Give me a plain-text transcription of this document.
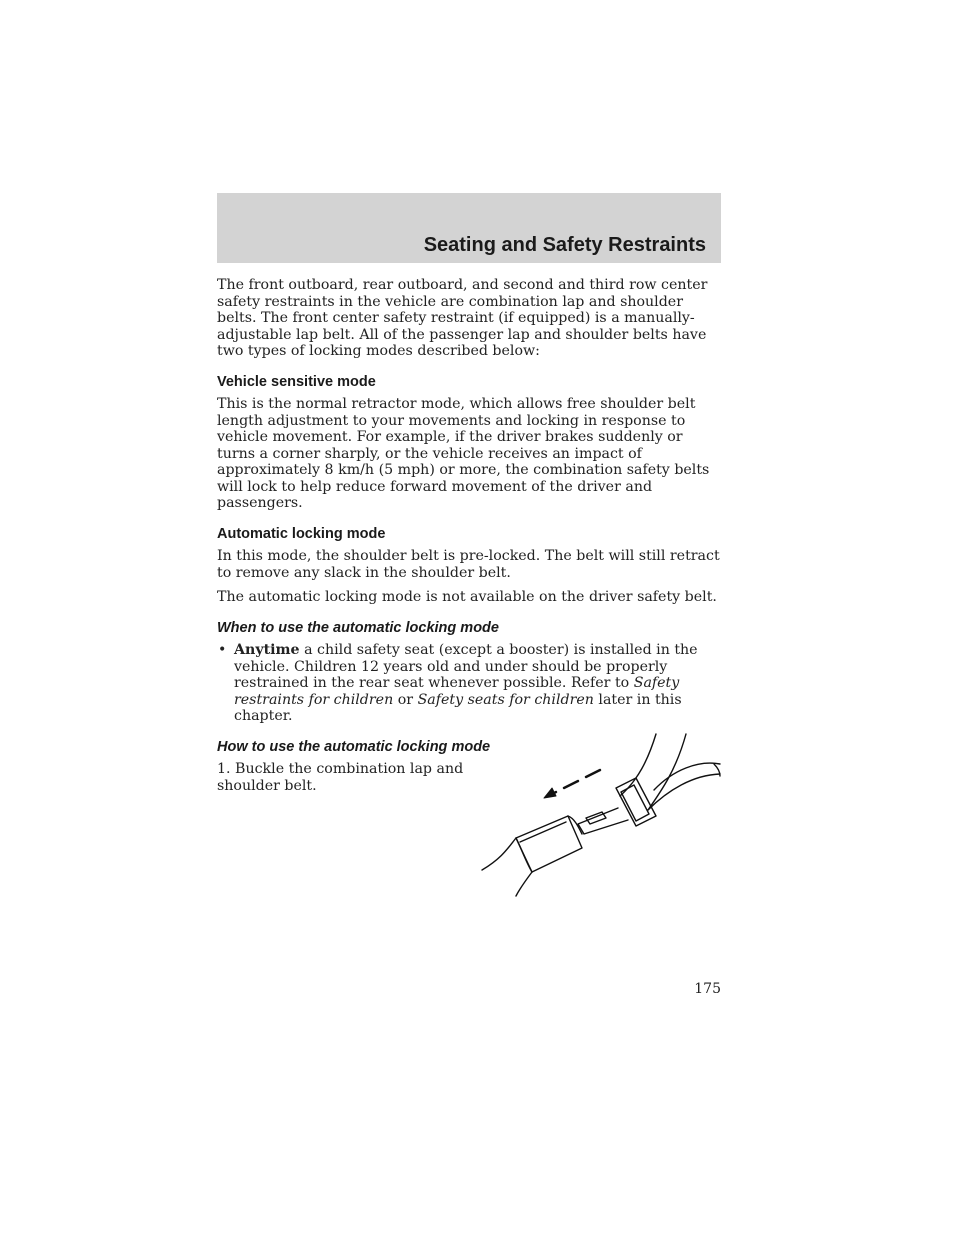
Seating and Safety Restraints

The front outboard, rear outboard, and second and third row center safety restraints in the vehicle are combination lap and shoulder belts. The front center safety restraint (if equipped) is a manually-adjustable lap belt. All of the passenger lap and shoulder belts have two types of locking modes described below:

Vehicle sensitive mode

This is the normal retractor mode, which allows free shoulder belt length adjustment to your movements and locking in response to vehicle movement. For example, if the driver brakes suddenly or turns a corner sharply, or the vehicle receives an impact of approximately 8 km/h (5 mph) or more, the combination safety belts will lock to help reduce forward movement of the driver and passengers.

Automatic locking mode

In this mode, the shoulder belt is pre-locked. The belt will still retract to remove any slack in the shoulder belt.

The automatic locking mode is not available on the driver safety belt.

When to use the automatic locking mode
• Anytime a child safety seat (except a booster) is installed in the vehicle. Children 12 years old and under should be properly restrained in the rear seat whenever possible. Refer to Safety restraints for children or Safety seats for children later in this chapter.
How to use the automatic locking mode

1. Buckle the combination lap and shoulder belt.

175
